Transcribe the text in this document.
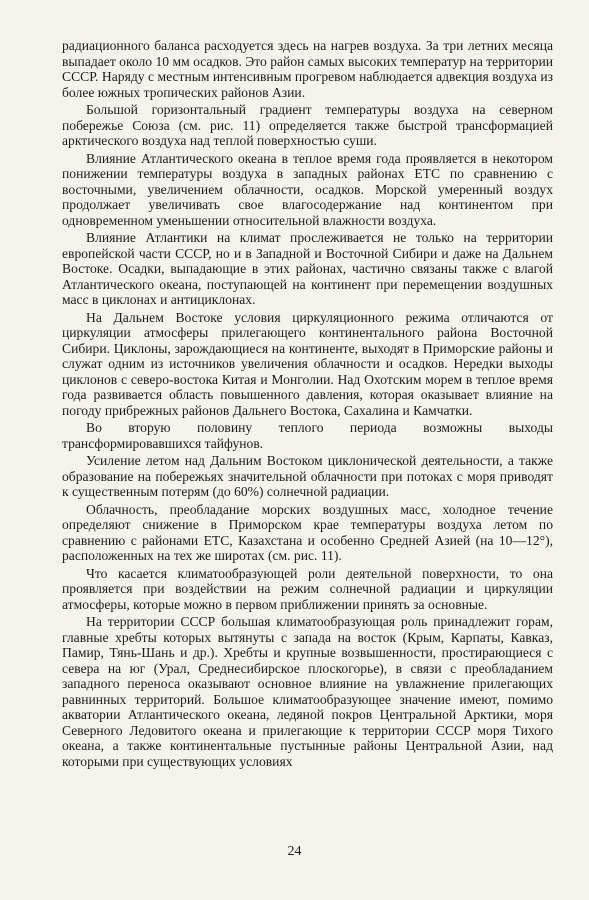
радиационного баланса расходуется здесь на нагрев воздуха. За три летних месяца выпадает около 10 мм осадков. Это район самых высоких температур на территории СССР. Наряду с местным интенсивным прогревом наблюдается адвекция воздуха из более южных тропических районов Азии.

Большой горизонтальный градиент температуры воздуха на северном побережье Союза (см. рис. 11) определяется также быстрой трансформацией арктического воздуха над теплой поверхностью суши.

Влияние Атлантического океана в теплое время года проявляется в некотором понижении температуры воздуха в западных районах ЕТС по сравнению с восточными, увеличением облачности, осадков. Морской умеренный воздух продолжает увеличивать свое влагосодержание над континентом при одновременном уменьшении относительной влажности воздуха.

Влияние Атлантики на климат прослеживается не только на территории европейской части СССР, но и в Западной и Восточной Сибири и даже на Дальнем Востоке. Осадки, выпадающие в этих районах, частично связаны также с влагой Атлантического океана, поступающей на континент при перемещении воздушных масс в циклонах и антициклонах.

На Дальнем Востоке условия циркуляционного режима отличаются от циркуляции атмосферы прилегающего континентального района Восточной Сибири. Циклоны, зарождающиеся на континенте, выходят в Приморские районы и служат одним из источников увеличения облачности и осадков. Нередки выходы циклонов с северо-востока Китая и Монголии. Над Охотским морем в теплое время года развивается область повышенного давления, которая оказывает влияние на погоду прибрежных районов Дальнего Востока, Сахалина и Камчатки.

Во вторую половину теплого периода возможны выходы трансформировавшихся тайфунов.

Усиление летом над Дальним Востоком циклонической деятельности, а также образование на побережьях значительной облачности при потоках с моря приводят к существенным потерям (до 60%) солнечной радиации.

Облачность, преобладание морских воздушных масс, холодное течение определяют снижение в Приморском крае температуры воздуха летом по сравнению с районами ЕТС, Казахстана и особенно Средней Азией (на 10—12°), расположенных на тех же широтах (см. рис. 11).

Что касается климатообразующей роли деятельной поверхности, то она проявляется при воздействии на режим солнечной радиации и циркуляции атмосферы, которые можно в первом приближении принять за основные.

На территории СССР большая климатообразующая роль принадлежит горам, главные хребты которых вытянуты с запада на восток (Крым, Карпаты, Кавказ, Памир, Тянь-Шань и др.). Хребты и крупные возвышенности, простирающиеся с севера на юг (Урал, Среднесибирское плоскогорье), в связи с преобладанием западного переноса оказывают основное влияние на увлажнение прилегающих равнинных территорий. Большое климатообразующее значение имеют, помимо акватории Атлантического океана, ледяной покров Центральной Арктики, моря Северного Ледовитого океана и прилегающие к территории СССР моря Тихого океана, а также континентальные пустынные районы Центральной Азии, над которыми при существующих условиях

24
